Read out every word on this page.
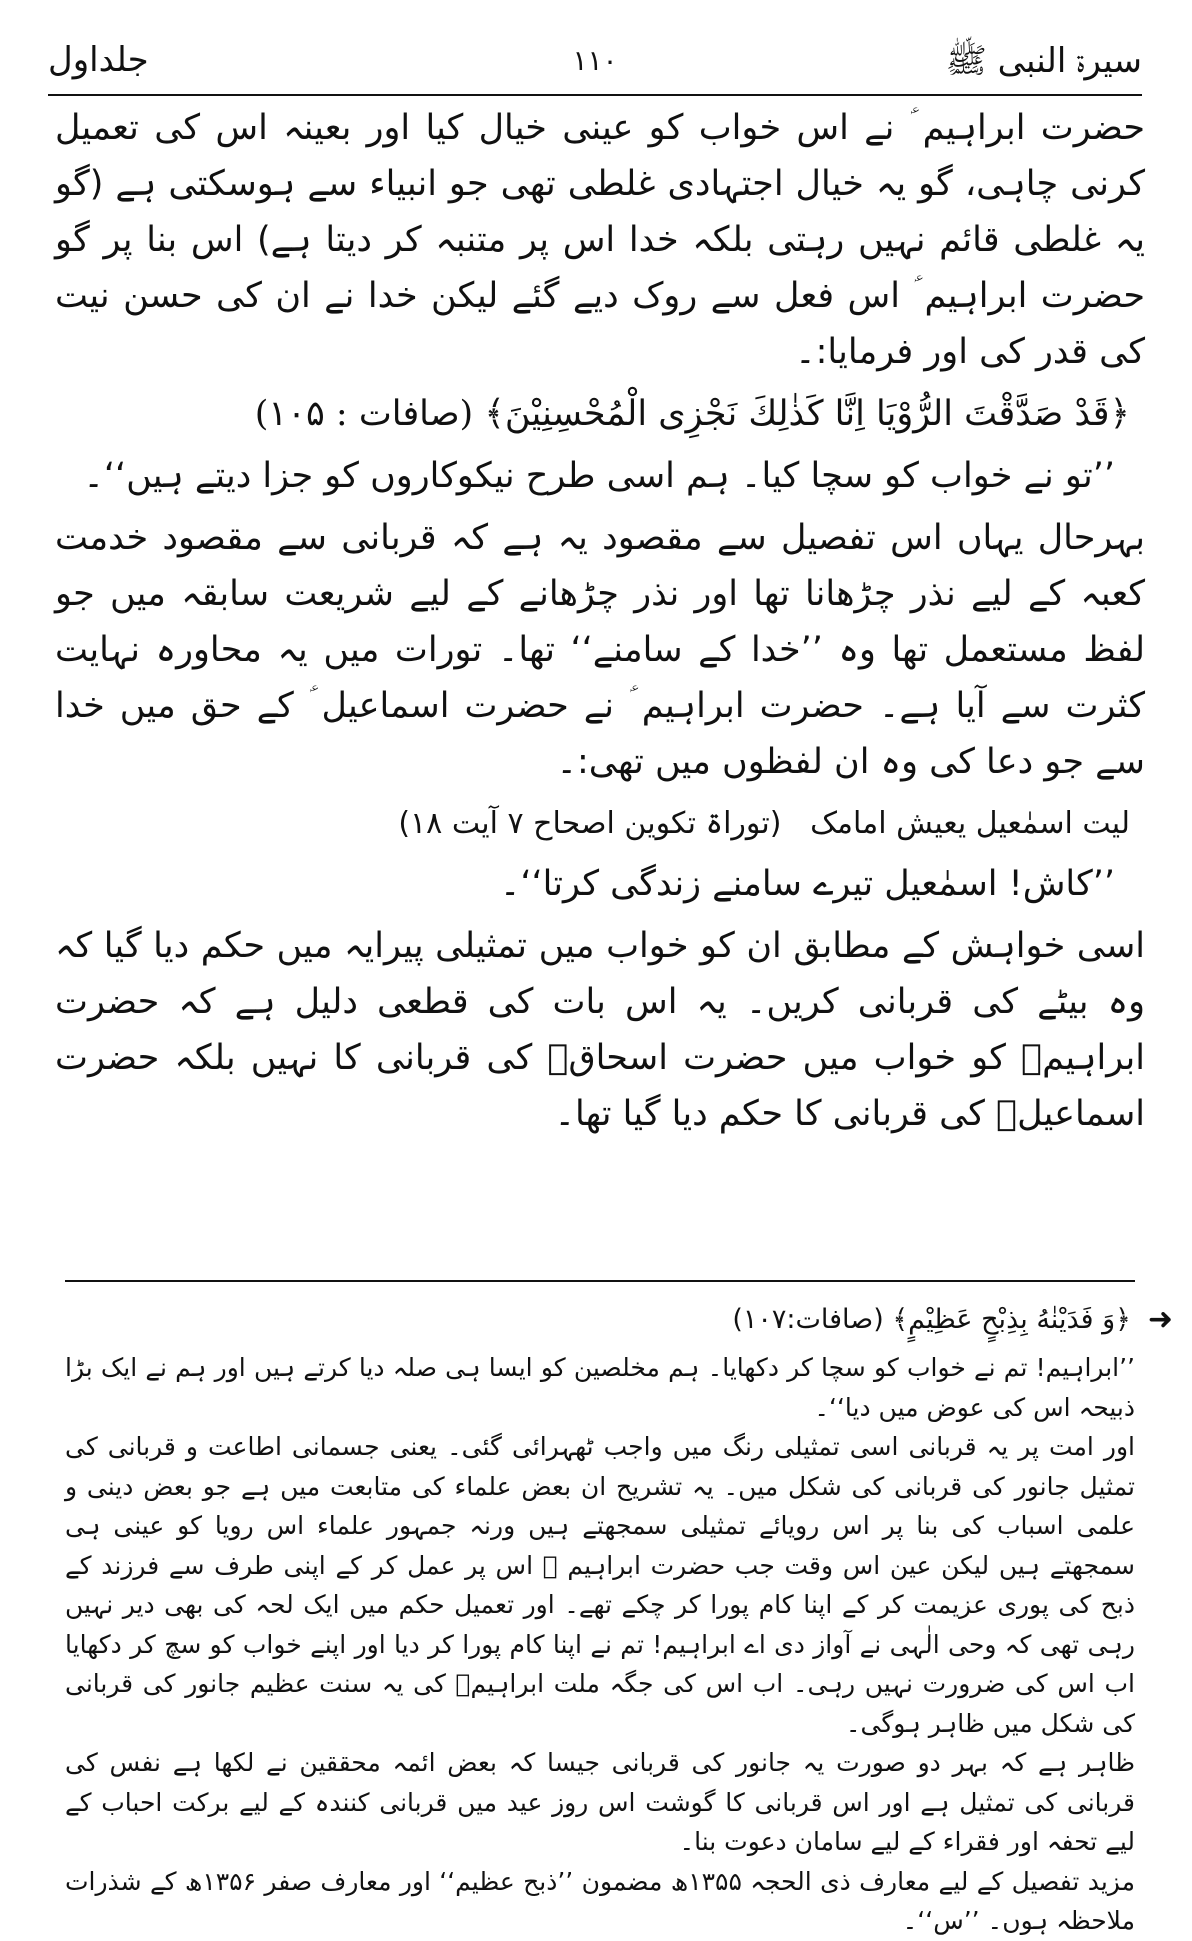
سیرۃ النبی ﷺ
۱۱۰
جلداول

حضرت ابراہیم ؑ نے اس خواب کو عینی خیال کیا اور بعینہ اس کی تعمیل کرنی چاہی، گو یہ خیال اجتہادی غلطی تھی جو انبیاء سے ہوسکتی ہے (گو یہ غلطی قائم نہیں رہتی بلکہ خدا اس پر متنبہ کر دیتا ہے) اس بنا پر گو حضرت ابراہیم ؑ اس فعل سے روک دیے گئے لیکن خدا نے ان کی حسن نیت کی قدر کی اور فرمایا:۔

﴿قَدْ صَدَّقْتَ الرُّوْيَا اِنَّا كَذٰلِكَ نَجْزِی الْمُحْسِنِيْنَ﴾ (صافات : ۱۰۵)
’’تو نے خواب کو سچا کیا۔ ہم اسی طرح نیکوکاروں کو جزا دیتے ہیں‘‘۔

بہرحال یہاں اس تفصیل سے مقصود یہ ہے کہ قربانی سے مقصود خدمت کعبہ کے لیے نذر چڑھانا تھا اور نذر چڑھانے کے لیے شریعت سابقہ میں جو لفظ مستعمل تھا وہ ’’خدا کے سامنے‘‘ تھا۔ تورات میں یہ محاورہ نہایت کثرت سے آیا ہے۔ حضرت ابراہیم ؑ نے حضرت اسماعیل ؑ کے حق میں خدا سے جو دعا کی وہ ان لفظوں میں تھی:۔

لیت اسمٰعیل یعیش امامک   (توراۃ تکوین اصحاح ۷ آیت ۱۸)
’’کاش! اسمٰعیل تیرے سامنے زندگی کرتا‘‘۔

اسی خواہش کے مطابق ان کو خواب میں تمثیلی پیرایہ میں حکم دیا گیا کہ وہ بیٹے کی قربانی کریں۔ یہ اس بات کی قطعی دلیل ہے کہ حضرت ابراہیمؑ کو خواب میں حضرت اسحاقؑ کی قربانی کا نہیں بلکہ حضرت اسماعیلؑ کی قربانی کا حکم دیا گیا تھا۔

➜
﴿وَ فَدَيْنٰهُ بِذِبْحٍ عَظِيْمٍ﴾ (صافات:۱۰۷)

’’ابراہیم! تم نے خواب کو سچا کر دکھایا۔ ہم مخلصین کو ایسا ہی صلہ دیا کرتے ہیں اور ہم نے ایک بڑا ذبیحہ اس کی عوض میں دیا‘‘۔

اور امت پر یہ قربانی اسی تمثیلی رنگ میں واجب ٹھہرائی گئی۔ یعنی جسمانی اطاعت و قربانی کی تمثیل جانور کی قربانی کی شکل میں۔ یہ تشریح ان بعض علماء کی متابعت میں ہے جو بعض دینی و علمی اسباب کی بنا پر اس رویائے تمثیلی سمجھتے ہیں ورنہ جمہور علماء اس رویا کو عینی ہی سمجھتے ہیں لیکن عین اس وقت جب حضرت ابراہیم ؑ اس پر عمل کر کے اپنی طرف سے فرزند کے ذبح کی پوری عزیمت کر کے اپنا کام پورا کر چکے تھے۔ اور تعمیل حکم میں ایک لحہ کی بھی دیر نہیں رہی تھی کہ وحی الٰہی نے آواز دی اے ابراہیم! تم نے اپنا کام پورا کر دیا اور اپنے خواب کو سچ کر دکھایا اب اس کی ضرورت نہیں رہی۔ اب اس کی جگہ ملت ابراہیمؑ کی یہ سنت عظیم جانور کی قربانی کی شکل میں ظاہر ہوگی۔

ظاہر ہے کہ بہر دو صورت یہ جانور کی قربانی جیسا کہ بعض ائمہ محققین نے لکھا ہے نفس کی قربانی کی تمثیل ہے اور اس قربانی کا گوشت اس روز عید میں قربانی کنندہ کے لیے برکت احباب کے لیے تحفہ اور فقراء کے لیے سامان دعوت بنا۔

مزید تفصیل کے لیے معارف ذی الحجہ ۱۳۵۵ھ مضمون ’’ذبح عظیم‘‘ اور معارف صفر ۱۳۵۶ھ کے شذرات ملاحظہ ہوں۔ ’’س‘‘۔
